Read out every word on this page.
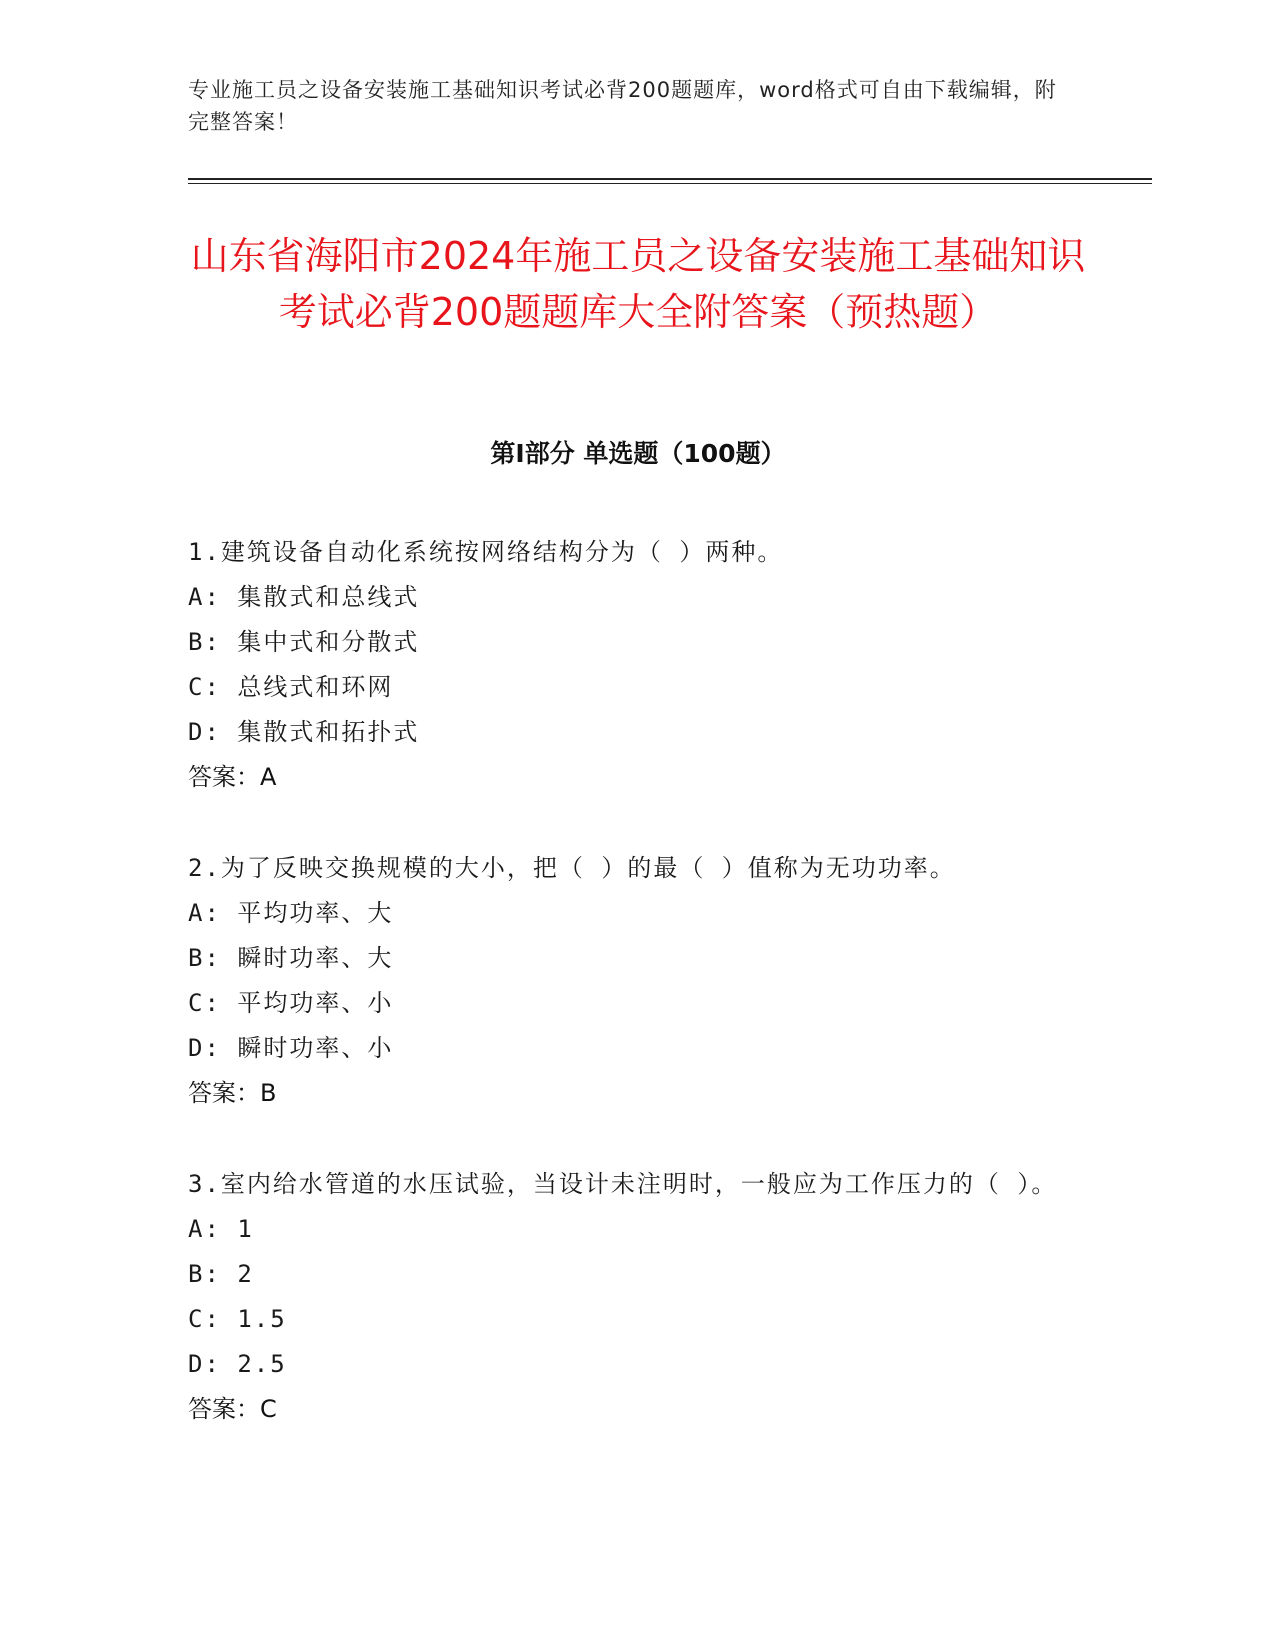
专业施工员之设备安装施工基础知识考试必背200题题库，word格式可自由下载编辑，附完整答案！
山东省海阳市2024年施工员之设备安装施工基础知识考试必背200题题库大全附答案（预热题）
第I部分 单选题（100题）

1.建筑设备自动化系统按网络结构分为（ ）两种。

A: 集散式和总线式

B: 集中式和分散式

C: 总线式和环网

D: 集散式和拓扑式

答案：A

2.为了反映交换规模的大小，把（ ）的最（ ）值称为无功功率。

A: 平均功率、大

B: 瞬时功率、大

C: 平均功率、小

D: 瞬时功率、小

答案：B

3.室内给水管道的水压试验，当设计未注明时，一般应为工作压力的（ ）。

A: 1

B: 2

C: 1.5

D: 2.5

答案：C
